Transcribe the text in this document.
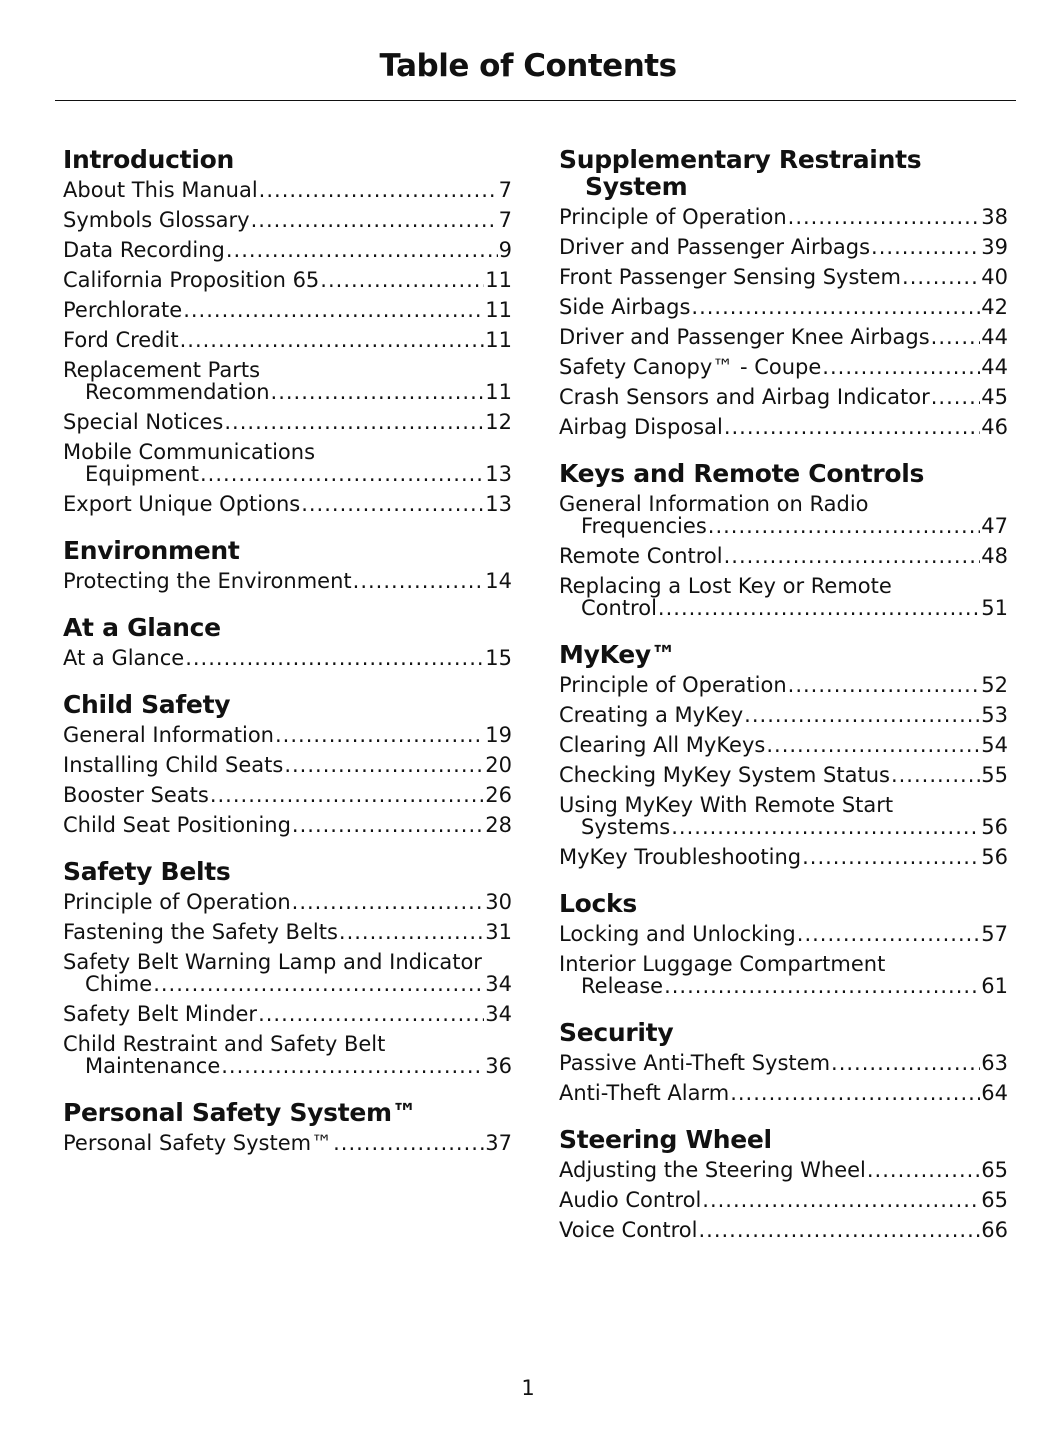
Table of Contents
Introduction
About This Manual .....	7
Symbols Glossary .....	7
Data Recording .....	9
California Proposition 65 .....	11
Perchlorate .....	11
Ford Credit .....	11
Replacement Parts
Recommendation .....	11
Special Notices .....	12
Mobile Communications
Equipment .....	13
Export Unique Options .....	13
Environment
Protecting the Environment .....	14
At a Glance
At a Glance .....	15
Child Safety
General Information .....	19
Installing Child Seats .....	20
Booster Seats .....	26
Child Seat Positioning .....	28
Safety Belts
Principle of Operation .....	30
Fastening the Safety Belts .....	31
Safety Belt Warning Lamp and Indicator
Chime .....	34
Safety Belt Minder .....	34
Child Restraint and Safety Belt
Maintenance .....	36
Personal Safety System™
Personal Safety System™ .....	37
Supplementary Restraints
System
Principle of Operation .....	38
Driver and Passenger Airbags .....	39
Front Passenger Sensing System .....	40
Side Airbags .....	42
Driver and Passenger Knee Airbags ..... 44
Safety Canopy™ - Coupe .....	44
Crash Sensors and Airbag Indicator ..... 45
Airbag Disposal .....	46
Keys and Remote Controls
General Information on Radio
Frequencies .....	47
Remote Control .....	48
Replacing a Lost Key or Remote
Control .....	51
MyKey™
Principle of Operation .....	52
Creating a MyKey .....	53
Clearing All MyKeys .....	54
Checking MyKey System Status .....	55
Using MyKey With Remote Start
Systems .....	56
MyKey Troubleshooting .....	56
Locks
Locking and Unlocking .....	57
Interior Luggage Compartment
Release .....	61
Security
Passive Anti-Theft System .....	63
Anti-Theft Alarm .....	64
Steering Wheel
Adjusting the Steering Wheel .....	65
Audio Control .....	65
Voice Control .....	66
1
